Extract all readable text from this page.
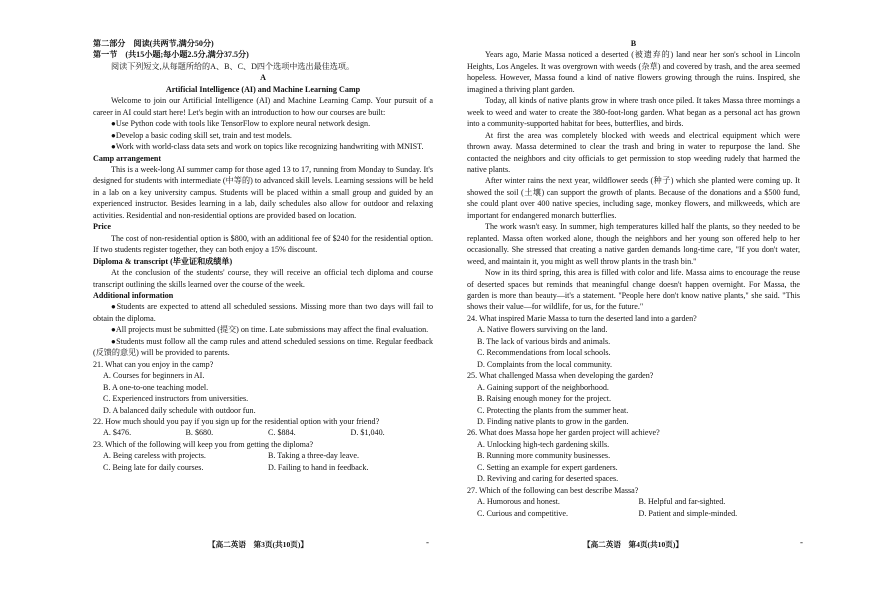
第二部分　阅读(共两节,满分50分)

第一节　(共15小题;每小题2.5分,满分37.5分)

阅读下列短文,从每题所给的A、B、C、D四个选项中选出最佳选项。

A

Artificial Intelligence (AI) and Machine Learning Camp

Welcome to join our Artificial Intelligence (AI) and Machine Learning Camp. Your pursuit of a career in AI could start here! Let's begin with an introduction to how our courses are built:

●Use Python code with tools like TensorFlow to explore neural network design.

●Develop a basic coding skill set, train and test models.

●Work with world-class data sets and work on topics like recognizing handwriting with MNIST.

Camp arrangement

This is a week-long AI summer camp for those aged 13 to 17, running from Monday to Sunday. It's designed for students with intermediate (中等的) to advanced skill levels. Learning sessions will be held in a lab on a key university campus. Students will be placed within a small group and guided by an experienced instructor. Besides learning in a lab, daily schedules also allow for outdoor and relaxing activities. Residential and non-residential options are provided based on location.

Price

The cost of non-residential option is $800, with an additional fee of $240 for the residential option. If two students register together, they can both enjoy a 15% discount.

Diploma & transcript (毕业证和成绩单)

At the conclusion of the students' course, they will receive an official tech diploma and course transcript outlining the skills learned over the course of the week.

Additional information

●Students are expected to attend all scheduled sessions. Missing more than two days will fail to obtain the diploma.

●All projects must be submitted (提交) on time. Late submissions may affect the final evaluation.

●Students must follow all the camp rules and attend scheduled sessions on time. Regular feedback (反馈的意见) will be provided to parents.

21. What can you enjoy in the camp?

A. Courses for beginners in AI.

B. A one-to-one teaching model.

C. Experienced instructors from universities.

D. A balanced daily schedule with outdoor fun.

22. How much should you pay if you sign up for the residential option with your friend?

A. $476.	B. $680.	C. $884.	D. $1,040.

23. Which of the following will keep you from getting the diploma?

A. Being careless with projects.	B. Taking a three-day leave.
C. Being late for daily courses.	D. Failing to hand in feedback.

B

Years ago, Marie Massa noticed a deserted (被遗弃的) land near her son's school in Lincoln Heights, Los Angeles. It was overgrown with weeds (杂草) and covered by trash, and the area seemed hopeless. However, Massa found a kind of native flowers growing through the ruins. Inspired, she imagined a thriving plant garden.

Today, all kinds of native plants grow in where trash once piled. It takes Massa three mornings a week to weed and water to create the 380-foot-long garden. What began as a personal act has grown into a community-supported habitat for bees, butterflies, and birds.

At first the area was completely blocked with weeds and electrical equipment which were thrown away. Massa determined to clear the trash and bring in water to repurpose the land. She contacted the neighbors and city officials to get permission to stop weeding rudely that harmed the native plants.

After winter rains the next year, wildflower seeds (种子) which she planted were coming up. It showed the soil (土壤) can support the growth of plants. Because of the donations and a $500 fund, she could plant over 400 native species, including sage, monkey flowers, and milkweeds, which are important for endangered monarch butterflies.

The work wasn't easy. In summer, high temperatures killed half the plants, so they needed to be replanted. Massa often worked alone, though the neighbors and her young son offered help to her occasionally. She stressed that creating a native garden demands long-time care, "If you don't water, weed, and maintain it, you might as well throw plants in the trash bin."

Now in its third spring, this area is filled with color and life. Massa aims to encourage the reuse of deserted spaces but reminds that meaningful change doesn't happen overnight. For Massa, the garden is more than beauty—it's a statement. "People here don't know native plants," she said. "This shows their value—for wildlife, for us, for the future."

24. What inspired Marie Massa to turn the deserted land into a garden?

A. Native flowers surviving on the land.

B. The lack of various birds and animals.

C. Recommendations from local schools.

D. Complaints from the local community.

25. What challenged Massa when developing the garden?

A. Gaining support of the neighborhood.

B. Raising enough money for the project.

C. Protecting the plants from the summer heat.

D. Finding native plants to grow in the garden.

26. What does Massa hope her garden project will achieve?

A. Unlocking high-tech gardening skills.

B. Running more community businesses.

C. Setting an example for expert gardeners.

D. Reviving and caring for deserted spaces.

27. Which of the following can best describe Massa?

A. Humorous and honest.	B. Helpful and far-sighted.
C. Curious and competitive.	D. Patient and simple-minded.
【高二英语　第3页(共10页)】	-	【高二英语　第4页(共10页)】	-
